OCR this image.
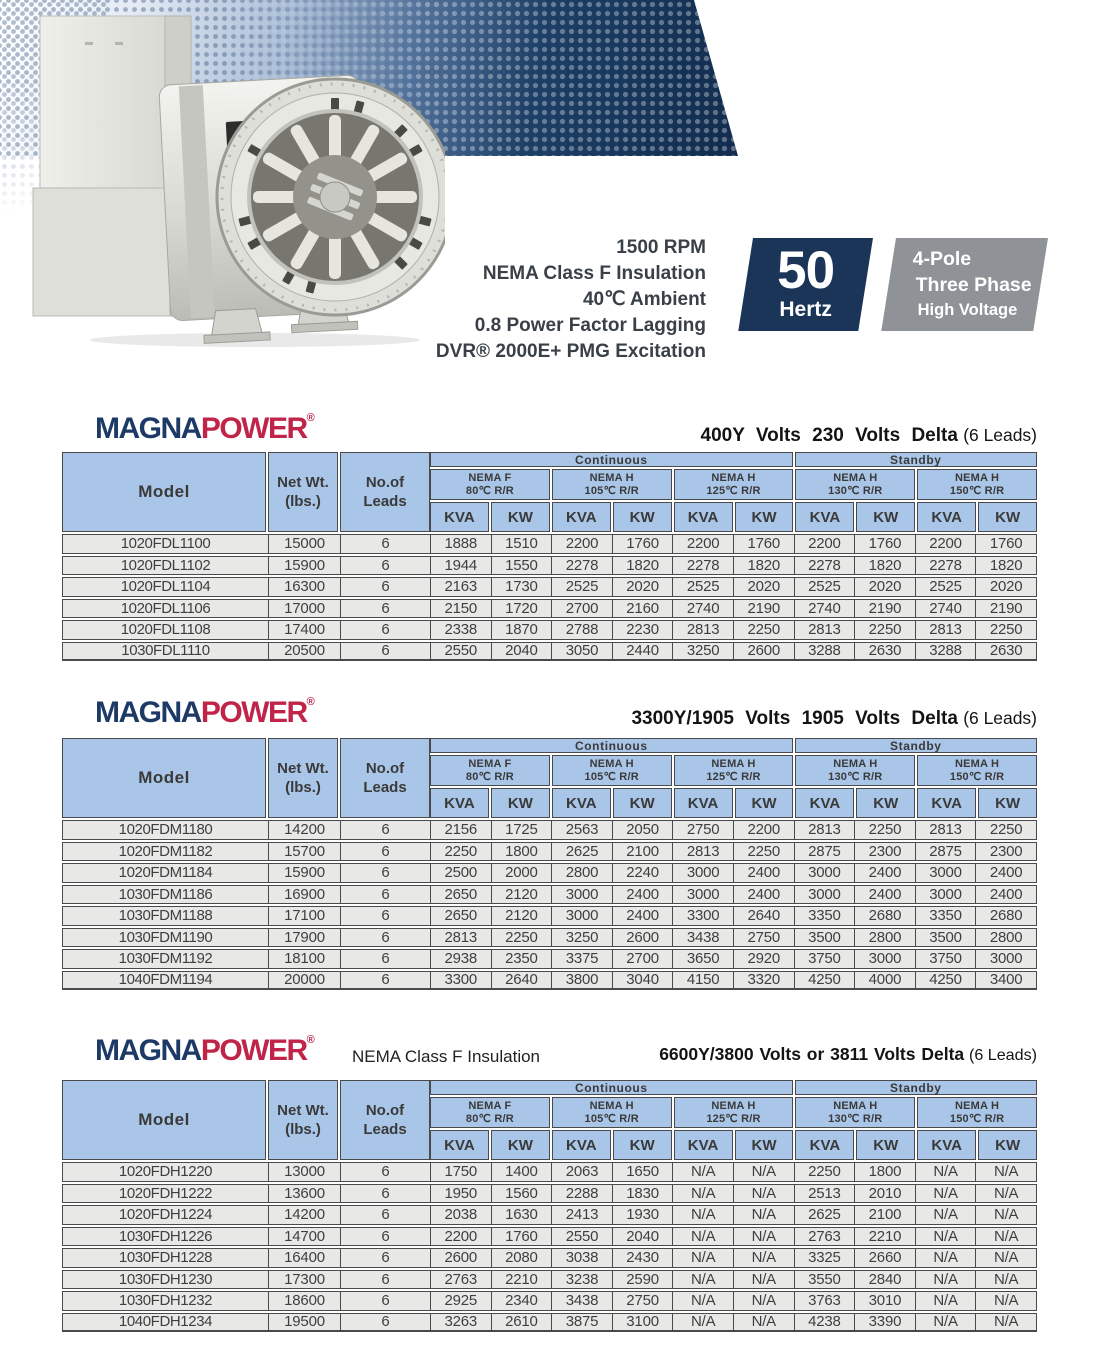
1500 RPM
NEMA Class F Insulation
40℃ Ambient
0.8 Power Factor Lagging
DVR® 2000E+ PMG Excitation
50
Hertz
4-Pole
Three Phase
High Voltage
MAGNAPOWER®
400Y Volts 230 Volts Delta (6 Leads)
Model	Net Wt.
(lbs.)
No.of
Leads
Continuous	Standby
NEMA F
80℃ R/R
NEMA H
105℃ R/R
NEMA H
125℃ R/R
NEMA H
130℃ R/R
NEMA H
150℃ R/R
KVA KW KVA KW KVA KW KVA KW KVA KW
1020FDL1100	15000	6	1888	1510	2200	1760	2200	1760	2200	1760	2200	1760
1020FDL1102	15900	6	1944	1550	2278	1820	2278	1820	2278	1820	2278	1820
1020FDL1104	16300	6	2163	1730	2525	2020	2525	2020	2525	2020	2525	2020
1020FDL1106	17000	6	2150	1720	2700	2160	2740	2190	2740	2190	2740	2190
1020FDL1108	17400	6	2338	1870	2788	2230	2813	2250	2813	2250	2813	2250
1030FDL1110	20500	6	2550	2040	3050	2440	3250	2600	3288	2630	3288	2630
MAGNAPOWER®
3300Y/1905 Volts 1905 Volts Delta (6 Leads)
Model	Net Wt.
(lbs.)
No.of
Leads
Continuous	Standby
NEMA F
80℃ R/R
NEMA H
105℃ R/R
NEMA H
125℃ R/R
NEMA H
130℃ R/R
NEMA H
150℃ R/R
KVA KW KVA KW KVA KW KVA KW KVA KW
1020FDM1180	14200	6	2156	1725	2563	2050	2750	2200	2813	2250	2813	2250
1020FDM1182	15700	6	2250	1800	2625	2100	2813	2250	2875	2300	2875	2300
1020FDM1184	15900	6	2500	2000	2800	2240	3000	2400	3000	2400	3000	2400
1030FDM1186	16900	6	2650	2120	3000	2400	3000	2400	3000	2400	3000	2400
1030FDM1188	17100	6	2650	2120	3000	2400	3300	2640	3350	2680	3350	2680
1030FDM1190	17900	6	2813	2250	3250	2600	3438	2750	3500	2800	3500	2800
1030FDM1192	18100	6	2938	2350	3375	2700	3650	2920	3750	3000	3750	3000
1040FDM1194	20000	6	3300	2640	3800	3040	4150	3320	4250	4000	4250	3400
MAGNAPOWER®
NEMA Class F Insulation	6600Y/3800 Volts or 3811 Volts Delta (6 Leads)
Model	Net Wt.
(lbs.)
No.of
Leads
Continuous	Standby
NEMA F
80℃ R/R
NEMA H
105℃ R/R
NEMA H
125℃ R/R
NEMA H
130℃ R/R
NEMA H
150℃ R/R
KVA KW KVA KW KVA KW KVA KW KVA KW
1020FDH1220	13000	6	1750	1400	2063	1650	N/A	N/A	2250	1800	N/A	N/A
1020FDH1222	13600	6	1950	1560	2288	1830	N/A	N/A	2513	2010	N/A	N/A
1020FDH1224	14200	6	2038	1630	2413	1930	N/A	N/A	2625	2100	N/A	N/A
1030FDH1226	14700	6	2200	1760	2550	2040	N/A	N/A	2763	2210	N/A	N/A
1030FDH1228	16400	6	2600	2080	3038	2430	N/A	N/A	3325	2660	N/A	N/A
1030FDH1230	17300	6	2763	2210	3238	2590	N/A	N/A	3550	2840	N/A	N/A
1030FDH1232	18600	6	2925	2340	3438	2750	N/A	N/A	3763	3010	N/A	N/A
1040FDH1234	19500	6	3263	2610	3875	3100	N/A	N/A	4238	3390	N/A	N/A
